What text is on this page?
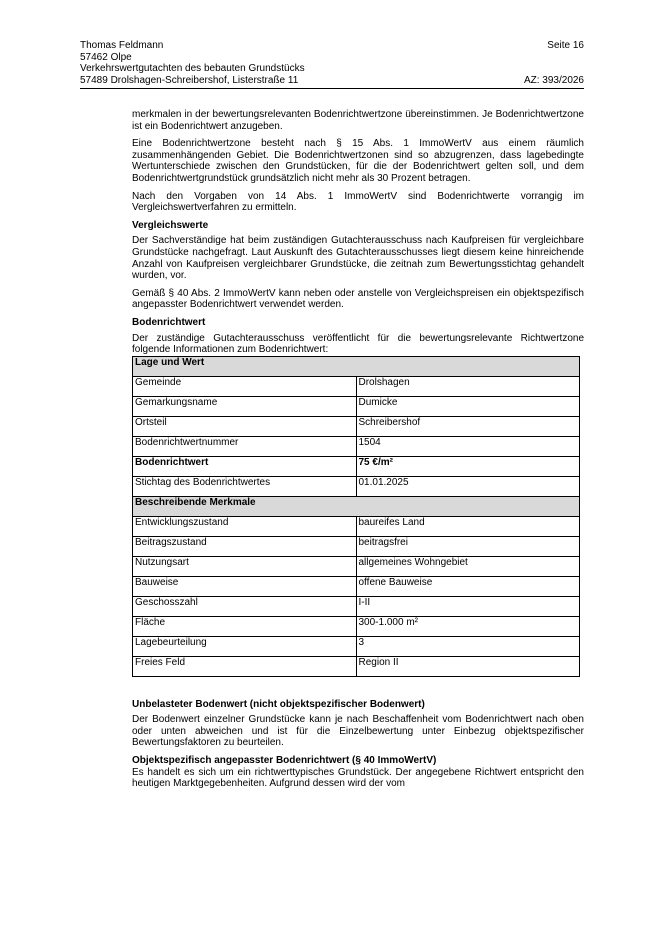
Thomas Feldmann	Seite 16
57462 Olpe
Verkehrswertgutachten des bebauten Grundstücks
57489 Drolshagen-Schreibershof, Listerstraße 11	AZ: 393/2026

merkmalen in der bewertungsrelevanten Bodenrichtwertzone übereinstimmen. Je Bodenrichtwertzone ist ein Bodenrichtwert anzugeben.

Eine Bodenrichtwertzone besteht nach § 15 Abs. 1 ImmoWertV aus einem räumlich zusammenhängenden Gebiet. Die Bodenrichtwertzonen sind so abzugrenzen, dass lagebedingte Wertunterschiede zwischen den Grundstücken, für die der Bodenrichtwert gelten soll, und dem Bodenrichtwertgrundstück grundsätzlich nicht mehr als 30 Prozent betragen.

Nach den Vorgaben von 14 Abs. 1 ImmoWertV sind Bodenrichtwerte vorrangig im Vergleichswertverfahren zu ermitteln.

Vergleichswerte

Der Sachverständige hat beim zuständigen Gutachterausschuss nach Kaufpreisen für vergleichbare Grundstücke nachgefragt. Laut Auskunft des Gutachterausschusses liegt diesem keine hinreichende Anzahl von Kaufpreisen vergleichbarer Grundstücke, die zeitnah zum Bewertungsstichtag gehandelt wurden, vor.

Gemäß § 40 Abs. 2 ImmoWertV kann neben oder anstelle von Vergleichspreisen ein objektspezifisch angepasster Bodenrichtwert verwendet werden.

Bodenrichtwert

Der zuständige Gutachterausschuss veröffentlicht für die bewertungsrelevante Richtwertzone folgende Informationen zum Bodenrichtwert:

Lage und Wert	
Gemeinde	Drolshagen
Gemarkungsname	Dumicke
Ortsteil	Schreibershof
Bodenrichtwertnummer	1504
Bodenrichtwert	75 €/m²
Stichtag des Bodenrichtwertes	01.01.2025
Beschreibende Merkmale	
Entwicklungszustand	baureifes Land
Beitragszustand	beitragsfrei
Nutzungsart	allgemeines Wohngebiet
Bauweise	offene Bauweise
Geschosszahl	I-II
Fläche	300-1.000 m²
Lagebeurteilung	3
Freies Feld	Region II
Unbelasteter Bodenwert (nicht objektspezifischer Bodenwert)

Der Bodenwert einzelner Grundstücke kann je nach Beschaffenheit vom Bodenrichtwert nach oben oder unten abweichen und ist für die Einzelbewertung unter Einbezug objektspezifischer Bewertungsfaktoren zu beurteilen.

Objektspezifisch angepasster Bodenrichtwert (§ 40 ImmoWertV)

Es handelt es sich um ein richtwerttypisches Grundstück. Der angegebene Richtwert entspricht den heutigen Marktgegebenheiten. Aufgrund dessen wird der vom
